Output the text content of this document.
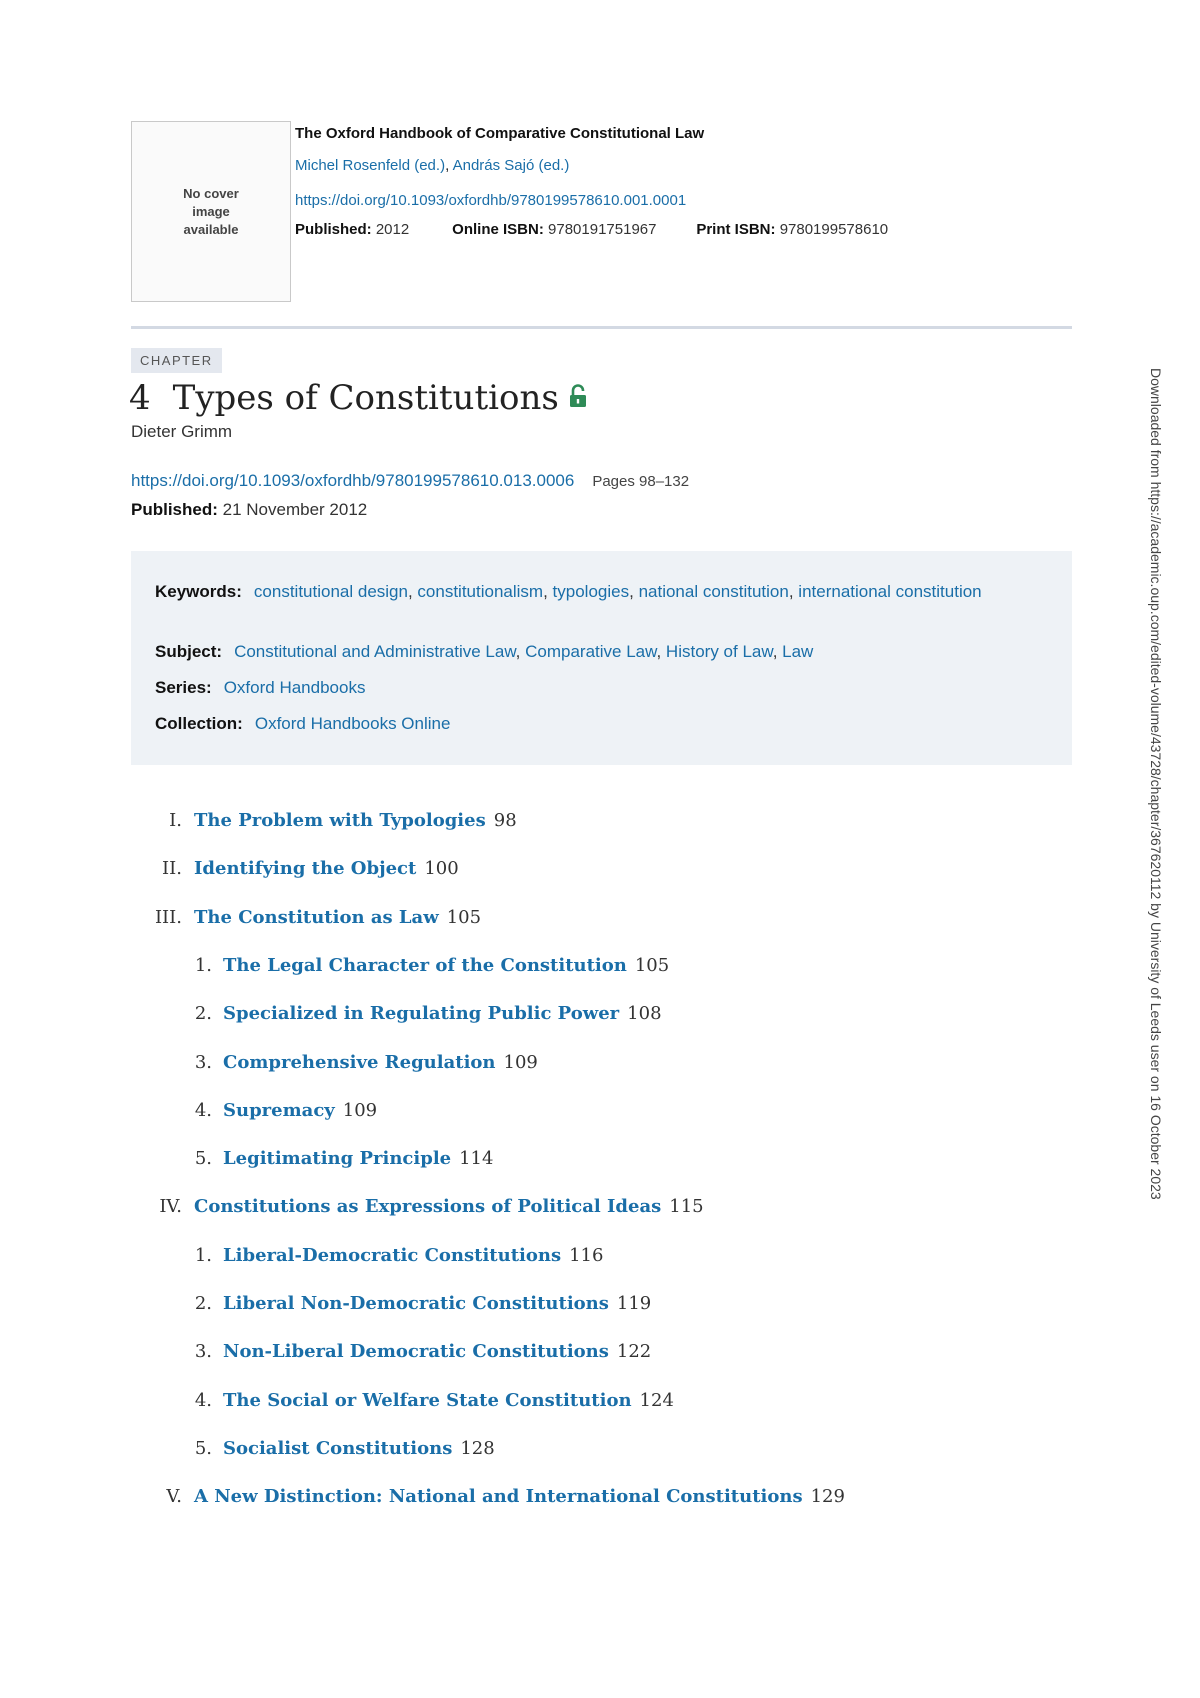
No cover image available
The Oxford Handbook of Comparative Constitutional Law
Michel Rosenfeld (ed.), András Sajó (ed.)
https://doi.org/10.1093/oxfordhb/9780199578610.001.0001
Published: 2012	Online ISBN: 9780191751967	Print ISBN: 9780199578610
CHAPTER
4 Types of Constitutions
Dieter Grimm
https://doi.org/10.1093/oxfordhb/9780199578610.013.0006 Pages 98–132
Published: 21 November 2012
Keywords: constitutional design, constitutionalism, typologies, national constitution, international constitution
Subject: Constitutional and Administrative Law, Comparative Law, History of Law, Law
Series: Oxford Handbooks
Collection: Oxford Handbooks Online
I. The Problem with Typologies 98
II. Identifying the Object 100
III. The Constitution as Law 105
1. The Legal Character of the Constitution 105
2. Specialized in Regulating Public Power 108
3. Comprehensive Regulation 109
4. Supremacy 109
5. Legitimating Principle 114
IV. Constitutions as Expressions of Political Ideas 115
1. Liberal-Democratic Constitutions 116
2. Liberal Non-Democratic Constitutions 119
3. Non-Liberal Democratic Constitutions 122
4. The Social or Welfare State Constitution 124
5. Socialist Constitutions 128
V. A New Distinction: National and International Constitutions 129
Downloaded from https://academic.oup.com/edited-volume/43728/chapter/367620112 by University of Leeds user on 16 October 2023
